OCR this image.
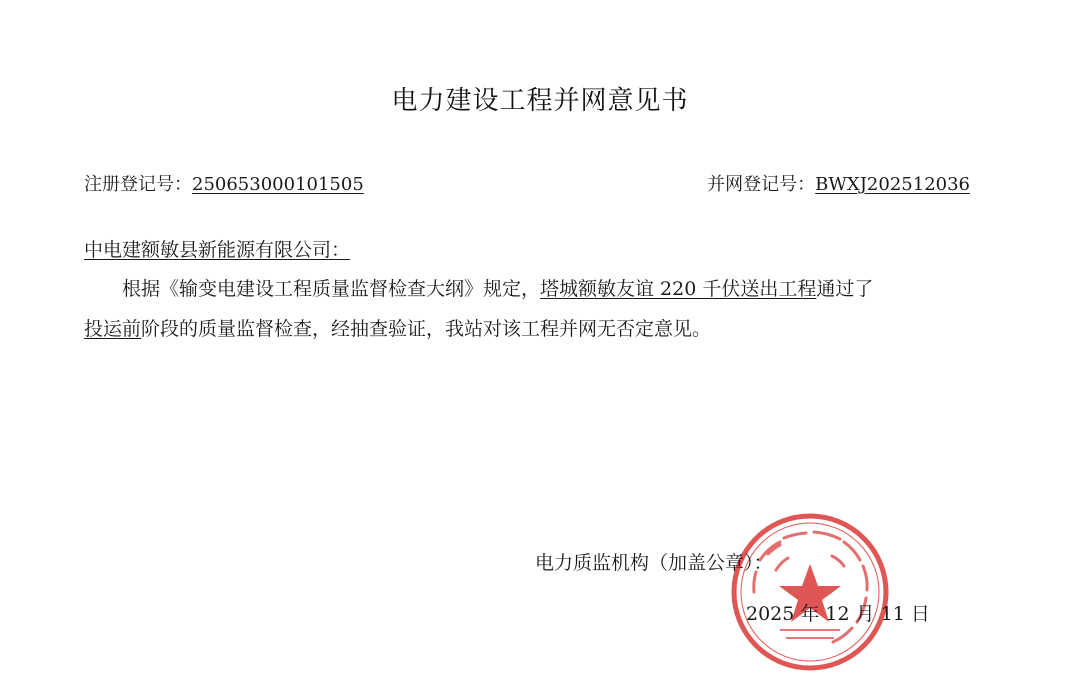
电力建设工程并网意见书
注册登记号：250653000101505	并网登记号：BWXJ202512036
中电建额敏县新能源有限公司：
根据《输变电建设工程质量监督检查大纲》规定，塔城额敏友谊 220 千伏送出工程通过了
投运前阶段的质量监督检查，经抽查验证，我站对该工程并网无否定意见。
电力质监机构（加盖公章）：
2025 年 12 月 11 日
